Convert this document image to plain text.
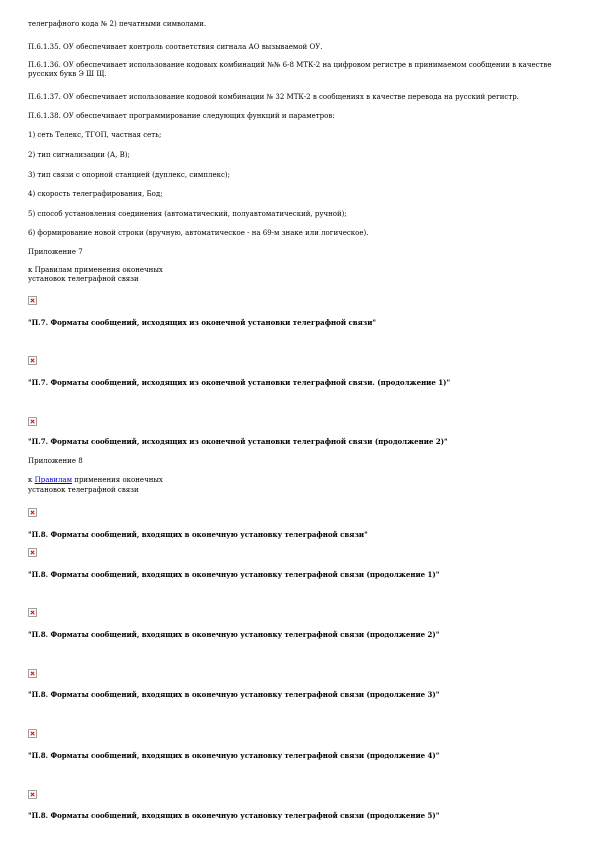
телеграфного кода № 2) печатными символами.
П.6.1.35. ОУ обеспечивает контроль соответствия сигнала АО вызываемой ОУ.
П.6.1.36. ОУ обеспечивает использование кодовых комбинаций №№ 6-8 МТК-2 на цифровом регистре в принимаемом сообщении в качестве русских букв Э Ш Щ.
П.6.1.37. ОУ обеспечивает использование кодовой комбинации № 32 МТК-2 в сообщениях в качестве перевода на русский регистр.
П.6.1.38. ОУ обеспечивает программирование следующих функций и параметров:
1) сеть Телекс, ТГОП, частная сеть;
2) тип сигнализации (А, В);
3) тип связи с опорной станцией (дуплекс, симплекс);
4) скорость телеграфирования, Бод;
5) способ установления соединения (автоматический, полуавтоматический, ручной);
6) формирование новой строки (вручную, автоматическое - на 69-м знаке или логическое).
Приложение 7
к Правилам применения оконечных
установок телеграфной связи
"П.7. Форматы сообщений, исходящих из оконечной установки телеграфной связи"
"П.7. Форматы сообщений, исходящих из оконечной установки телеграфной связи. (продолжение 1)"
"П.7. Форматы сообщений, исходящих из оконечной установки телеграфной связи (продолжение 2)"
Приложение 8
к Правилам применения оконечных
установок телеграфной связи
"П.8. Форматы сообщений, входящих в оконечную установку телеграфной связи"
"П.8. Форматы сообщений, входящих в оконечную установку телеграфной связи (продолжение 1)"
"П.8. Форматы сообщений, входящих в оконечную установку телеграфной связи (продолжение 2)"
"П.8. Форматы сообщений, входящих в оконечную установку телеграфной связи (продолжение 3)"
"П.8. Форматы сообщений, входящих в оконечную установку телеграфной связи (продолжение 4)"
"П.8. Форматы сообщений, входящих в оконечную установку телеграфной связи (продолжение 5)"
